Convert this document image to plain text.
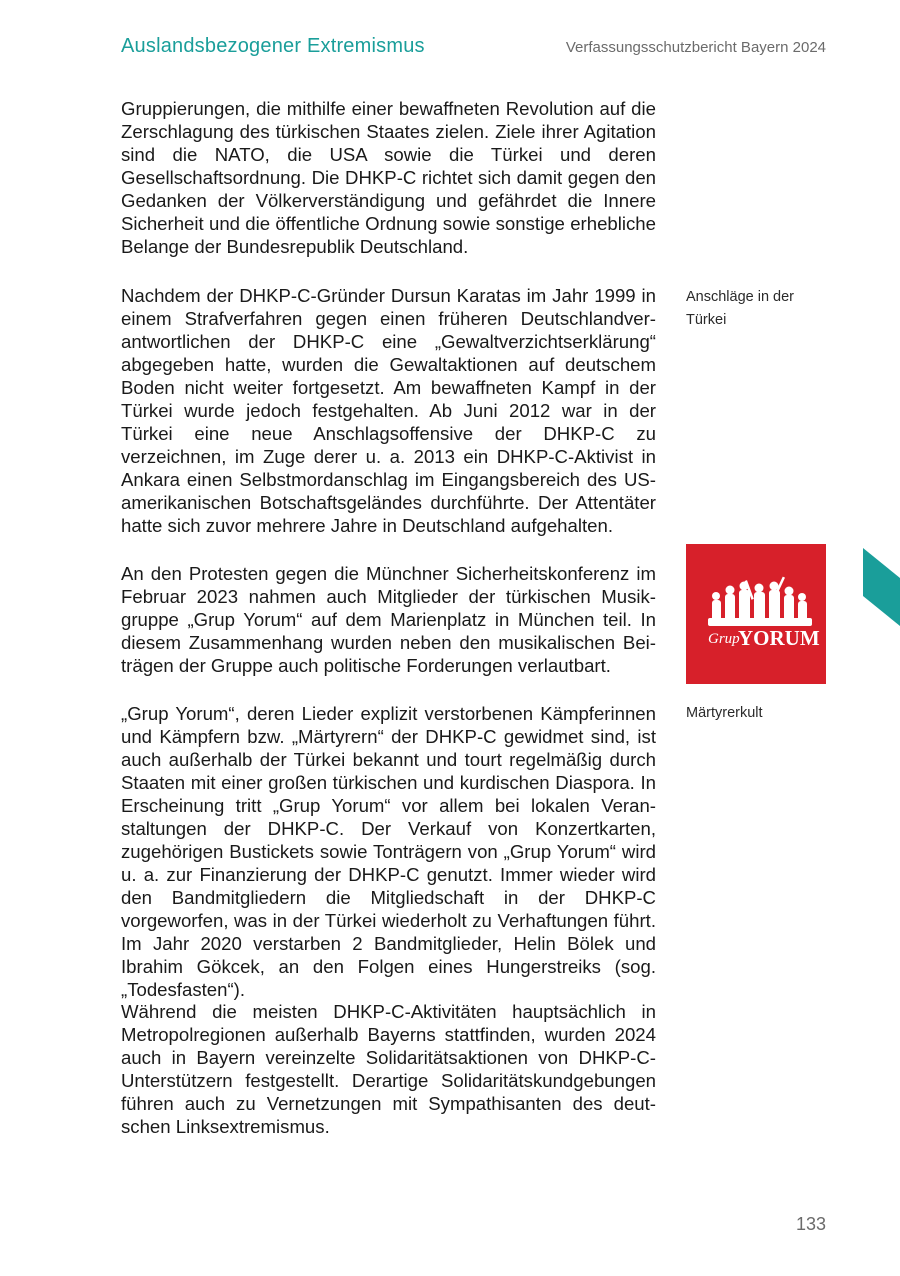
Auslandsbezogener Extremismus	Verfassungsschutzbericht Bayern 2024

Gruppierungen, die mithilfe einer bewaffneten Revolution auf die Zerschlagung des türkischen Staates zielen. Ziele ihrer Agitation sind die NATO, die USA sowie die Türkei und deren Gesellschaftsordnung. Die DHKP-C richtet sich damit gegen den Gedanken der Völkerverständigung und gefährdet die Innere Sicherheit und die öffentliche Ordnung sowie sonstige erhebliche Belange der Bundesrepublik Deutschland.

Nachdem der DHKP-C-Gründer Dursun Karatas im Jahr 1999 in einem Strafverfahren gegen einen früheren Deutschlandverantwortlichen der DHKP-C eine „Gewaltverzichtserklärung“ abgegeben hatte, wurden die Gewaltaktionen auf deutschem Boden nicht weiter fortgesetzt. Am bewaffneten Kampf in der Türkei wurde jedoch festgehalten. Ab Juni 2012 war in der Türkei eine neue Anschlagsoffensive der DHKP-C zu verzeichnen, im Zuge derer u. a. 2013 ein DHKP-C-Aktivist in Ankara einen Selbstmordanschlag im Eingangsbereich des US-amerikanischen Botschaftsgeländes durchführte. Der Attentäter hatte sich zuvor mehrere Jahre in Deutschland aufgehalten.

An den Protesten gegen die Münchner Sicherheitskonferenz im Februar 2023 nahmen auch Mitglieder der türkischen Musikgruppe „Grup Yorum“ auf dem Marienplatz in München teil. In diesem Zusammenhang wurden neben den musikalischen Beiträgen der Gruppe auch politische Forderungen verlautbart.

„Grup Yorum“, deren Lieder explizit verstorbenen Kämpferinnen und Kämpfern bzw. „Märtyrern“ der DHKP-C gewidmet sind, ist auch außerhalb der Türkei bekannt und tourt regelmäßig durch Staaten mit einer großen türkischen und kurdischen Diaspora. In Erscheinung tritt „Grup Yorum“ vor allem bei lokalen Veranstaltungen der DHKP-C. Der Verkauf von Konzertkarten, zugehörigen Bustickets sowie Tonträgern von „Grup Yorum“ wird u. a. zur Finanzierung der DHKP-C genutzt. Immer wieder wird den Bandmitgliedern die Mitgliedschaft in der DHKP-C vorgeworfen, was in der Türkei wiederholt zu Verhaftungen führt. Im Jahr 2020 verstarben 2 Bandmitglieder, Helin Bölek und Ibrahim Gökcek, an den Folgen eines Hungerstreiks (sog. „Todesfasten“).

Während die meisten DHKP-C-Aktivitäten hauptsächlich in Metropolregionen außerhalb Bayerns stattfinden, wurden 2024 auch in Bayern vereinzelte Solidaritätsaktionen von DHKP-C-Unterstützern festgestellt. Derartige Solidaritätskundgebungen führen auch zu Vernetzungen mit Sympathisanten des deutschen Linksextremismus.

Anschläge in der Türkei
Grup
YORUM
Märtyrerkult
133
